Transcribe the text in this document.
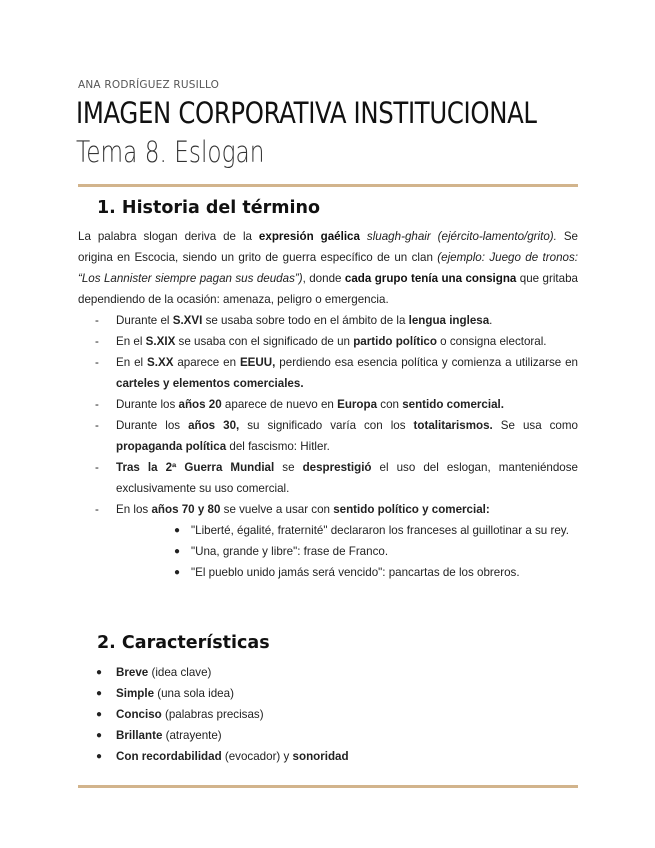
ANA RODRÍGUEZ RUSILLO
IMAGEN CORPORATIVA INSTITUCIONAL
Tema 8. Eslogan
1. Historia del término
La palabra slogan deriva de la expresión gaélica sluagh-ghair (ejército-lamento/grito). Se origina en Escocia, siendo un grito de guerra específico de un clan (ejemplo: Juego de tronos: “Los Lannister siempre pagan sus deudas”), donde cada grupo tenía una consigna que gritaba dependiendo de la ocasión: amenaza, peligro o emergencia.
- Durante el S.XVI se usaba sobre todo en el ámbito de la lengua inglesa.
- En el S.XIX se usaba con el significado de un partido político o consigna electoral.
- En el S.XX aparece en EEUU, perdiendo esa esencia política y comienza a utilizarse en carteles y elementos comerciales.
- Durante los años 20 aparece de nuevo en Europa con sentido comercial.
- Durante los años 30, su significado varía con los totalitarismos. Se usa como propaganda política del fascismo: Hitler.
- Tras la 2ª Guerra Mundial se desprestigió el uso del eslogan, manteniéndose exclusivamente su uso comercial.
- En los años 70 y 80 se vuelve a usar con sentido político y comercial:
● "Liberté, égalité, fraternité" declararon los franceses al guillotinar a su rey.
● "Una, grande y libre": frase de Franco.
● "El pueblo unido jamás será vencido": pancartas de los obreros.
2. Características
● Breve (idea clave)
● Simple (una sola idea)
● Conciso (palabras precisas)
● Brillante (atrayente)
● Con recordabilidad (evocador) y sonoridad
